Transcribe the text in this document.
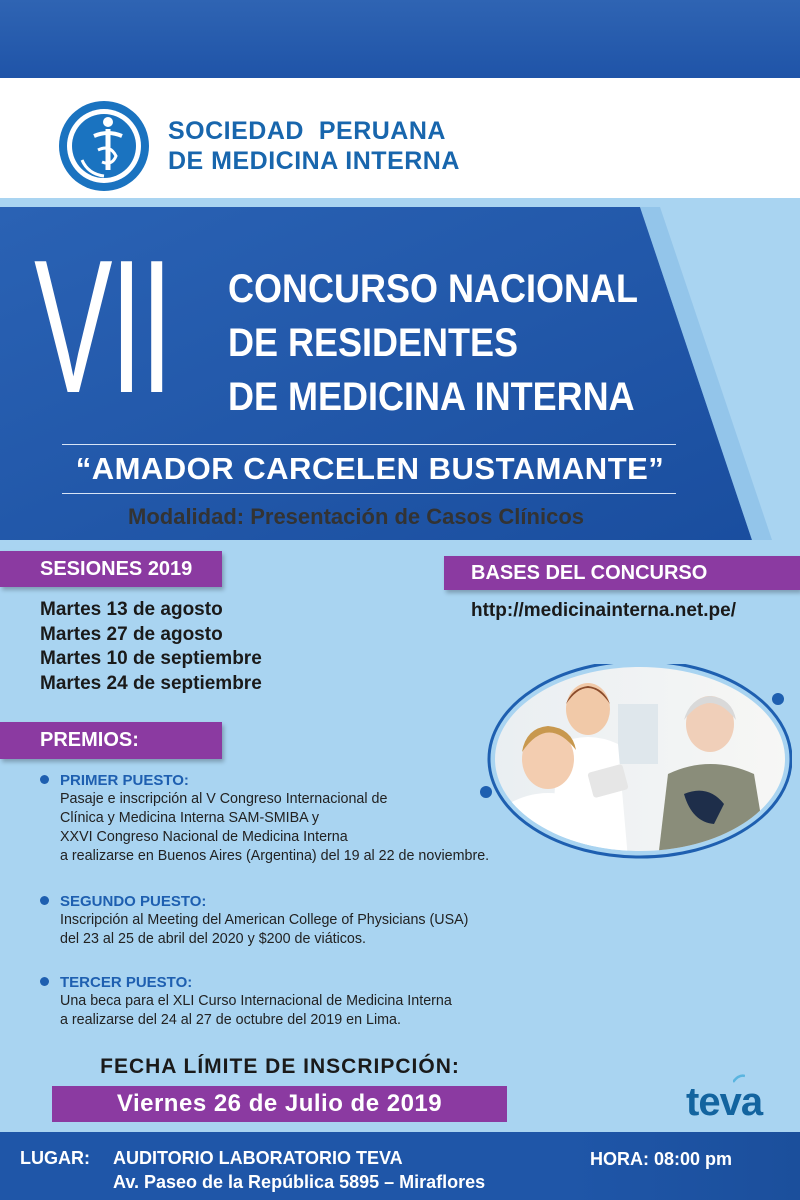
SOCIEDAD  PERUANA
DE MEDICINA INTERNA
VII CONCURSO NACIONAL
DE RESIDENTES
DE MEDICINA INTERNA
“AMADOR CARCELEN BUSTAMANTE”
Modalidad: Presentación de Casos Clínicos
SESIONES 2019	BASES DEL CONCURSO
Martes 13 de agosto
Martes 27 de agosto
Martes 10 de septiembre
Martes 24 de septiembre
http://medicinainterna.net.pe/
PREMIOS:
PRIMER PUESTO:
Pasaje e inscripción al V Congreso Internacional de
Clínica y Medicina Interna SAM-SMIBA y
XXVI Congreso Nacional de Medicina Interna
a realizarse en Buenos Aires (Argentina) del 19 al 22 de noviembre.
SEGUNDO PUESTO:
Inscripción al Meeting del American College of Physicians (USA)
del 23 al 25 de abril del 2020 y $200 de viáticos.
TERCER PUESTO:
Una beca para el XLI Curso Internacional de Medicina Interna
a realizarse del 24 al 27 de octubre del 2019 en Lima.
FECHA LÍMITE DE INSCRIPCIÓN:
Viernes 26 de Julio de 2019	teva
LUGAR: AUDITORIO LABORATORIO TEVA
Av. Paseo de la República 5895 – Miraflores
HORA: 08:00 pm
